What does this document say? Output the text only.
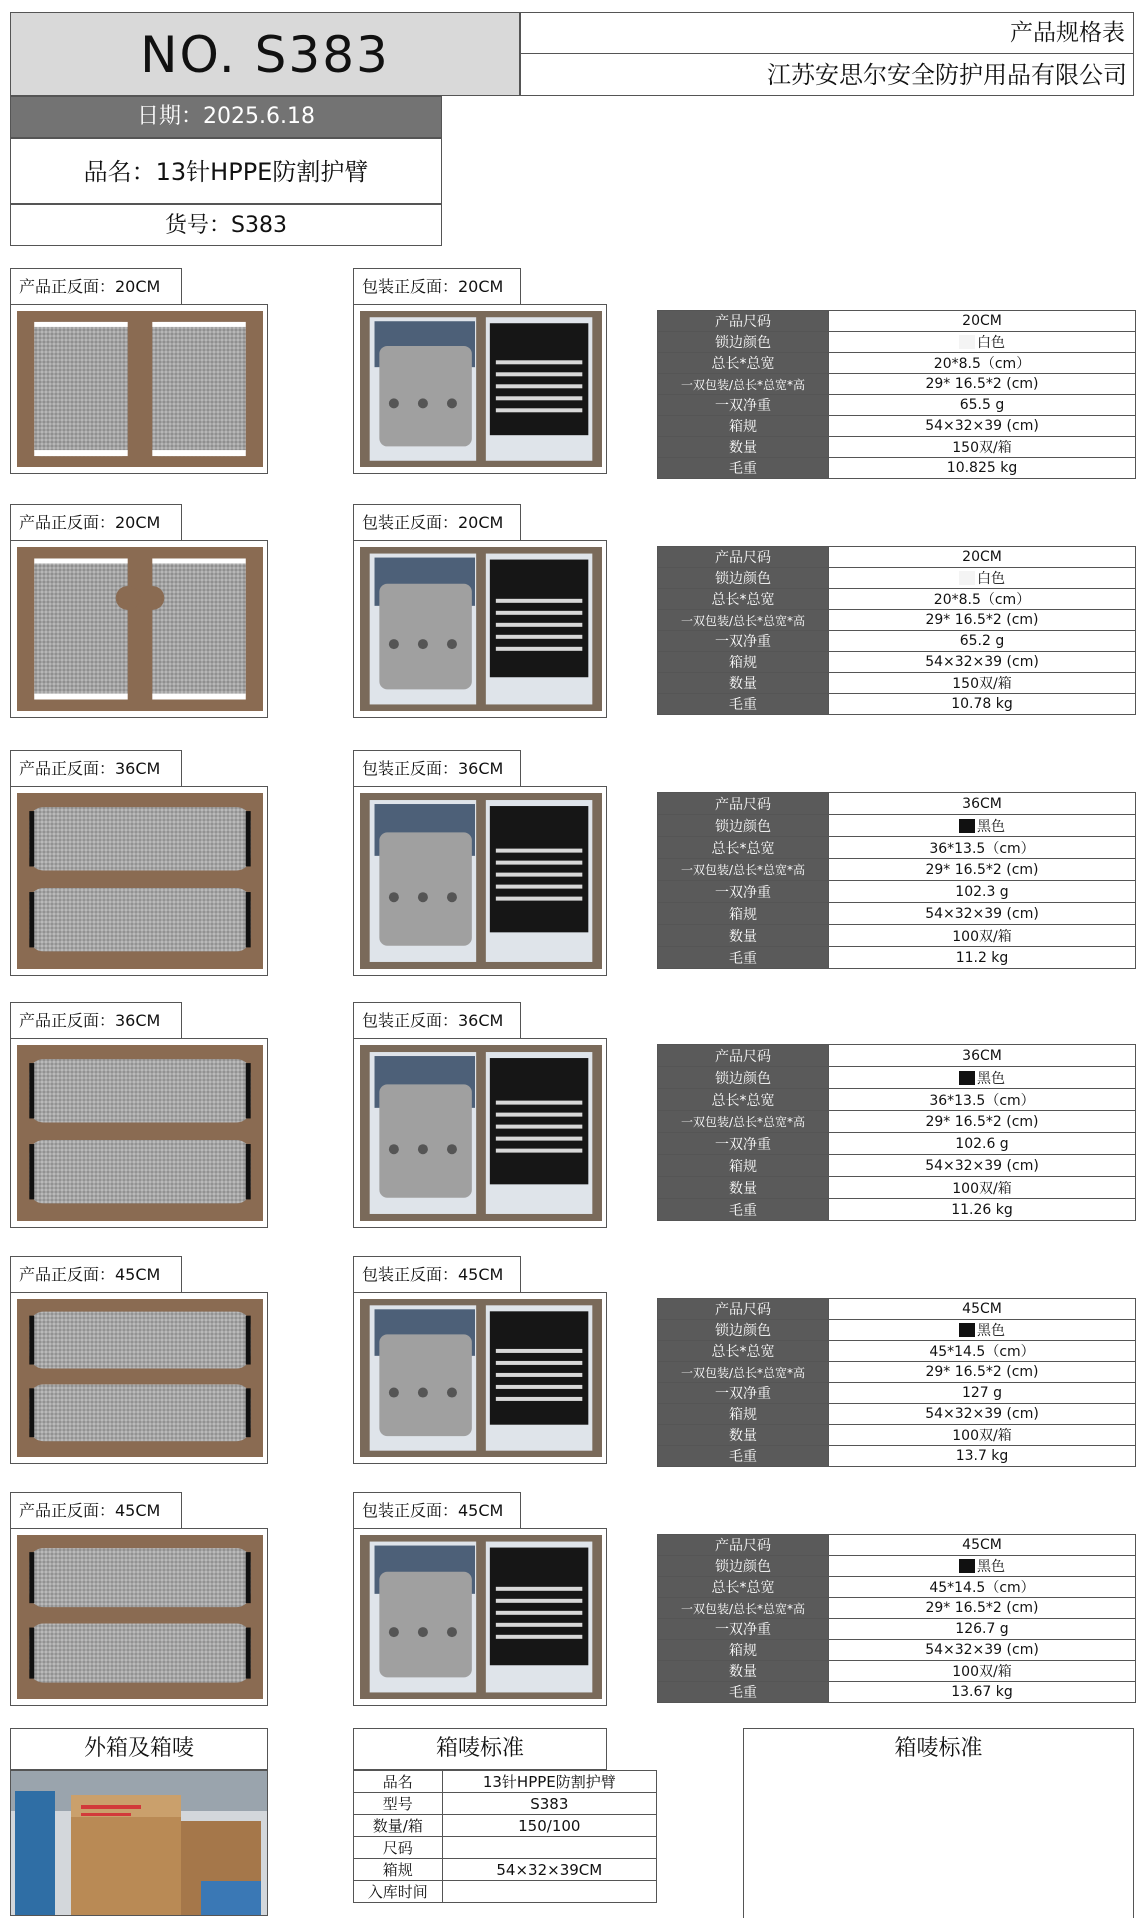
NO. S383	产品规格表
江苏安思尔安全防护用品有限公司
日期：2025.6.18
品名：13针HPPE防割护臂
货号：S383
产品正反面：20CM	包装正反面：20CM
产品尺码	20CM
锁边颜色	白色
总长*总宽	20*8.5（cm）
一双包装/总长*总宽*高	29* 16.5*2 (cm)
一双净重	65.5 g
箱规	54×32×39 (cm)
数量	150双/箱
毛重	10.825 kg
产品正反面：20CM	包装正反面：20CM
产品尺码	20CM
锁边颜色	白色
总长*总宽	20*8.5（cm）
一双包装/总长*总宽*高	29* 16.5*2 (cm)
一双净重	65.2 g
箱规	54×32×39 (cm)
数量	150双/箱
毛重	10.78 kg
产品正反面：36CM	包装正反面：36CM
产品尺码	36CM
锁边颜色	黑色
总长*总宽	36*13.5（cm）
一双包装/总长*总宽*高	29* 16.5*2 (cm)
一双净重	102.3 g
箱规	54×32×39 (cm)
数量	100双/箱
毛重	11.2 kg
产品正反面：36CM	包装正反面：36CM
产品尺码	36CM
锁边颜色	黑色
总长*总宽	36*13.5（cm）
一双包装/总长*总宽*高	29* 16.5*2 (cm)
一双净重	102.6 g
箱规	54×32×39 (cm)
数量	100双/箱
毛重	11.26 kg
产品正反面：45CM	包装正反面：45CM
产品尺码	45CM
锁边颜色	黑色
总长*总宽	45*14.5（cm）
一双包装/总长*总宽*高	29* 16.5*2 (cm)
一双净重	127 g
箱规	54×32×39 (cm)
数量	100双/箱
毛重	13.7 kg
产品正反面：45CM	包装正反面：45CM
产品尺码	45CM
锁边颜色	黑色
总长*总宽	45*14.5（cm）
一双包装/总长*总宽*高	29* 16.5*2 (cm)
一双净重	126.7 g
箱规	54×32×39 (cm)
数量	100双/箱
毛重	13.67 kg
外箱及箱唛	箱唛标准
品名	13针HPPE防割护臂
型号	S383
数量/箱	150/100
尺码	
箱规	54×32×39CM
入库时间	
箱唛标准
